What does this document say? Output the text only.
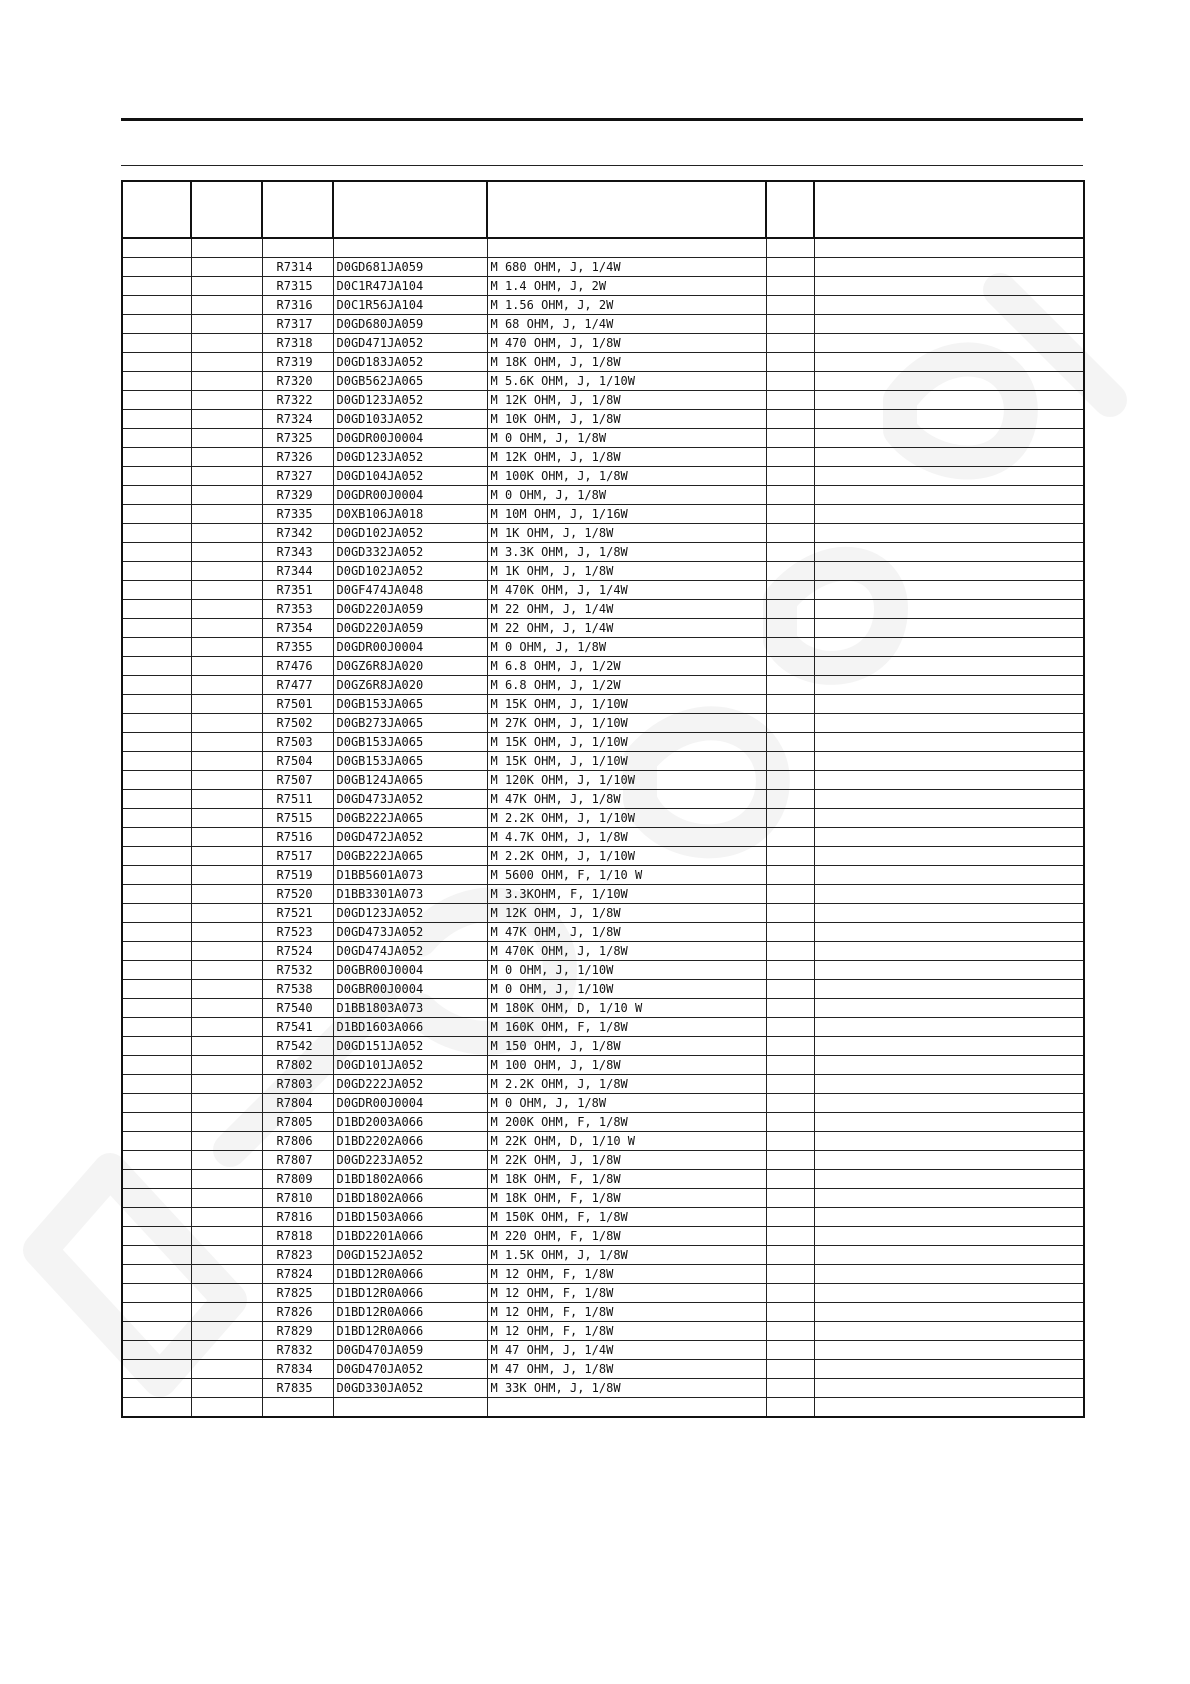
		R7314	D0GD681JA059	M 680 OHM, J, 1/4W		
		R7315	D0C1R47JA104	M 1.4 OHM, J, 2W		
		R7316	D0C1R56JA104	M 1.56 OHM, J, 2W		
		R7317	D0GD680JA059	M 68 OHM, J, 1/4W		
		R7318	D0GD471JA052	M 470 OHM, J, 1/8W		
		R7319	D0GD183JA052	M 18K OHM, J, 1/8W		
		R7320	D0GB562JA065	M 5.6K OHM, J, 1/10W		
		R7322	D0GD123JA052	M 12K OHM, J, 1/8W		
		R7324	D0GD103JA052	M 10K OHM, J, 1/8W		
		R7325	D0GDR00J0004	M 0 OHM, J, 1/8W		
		R7326	D0GD123JA052	M 12K OHM, J, 1/8W		
		R7327	D0GD104JA052	M 100K OHM, J, 1/8W		
		R7329	D0GDR00J0004	M 0 OHM, J, 1/8W		
		R7335	D0XB106JA018	M 10M OHM, J, 1/16W		
		R7342	D0GD102JA052	M 1K OHM, J, 1/8W		
		R7343	D0GD332JA052	M 3.3K OHM, J, 1/8W		
		R7344	D0GD102JA052	M 1K OHM, J, 1/8W		
		R7351	D0GF474JA048	M 470K OHM, J, 1/4W		
		R7353	D0GD220JA059	M 22 OHM, J, 1/4W		
		R7354	D0GD220JA059	M 22 OHM, J, 1/4W		
		R7355	D0GDR00J0004	M 0 OHM, J, 1/8W		
		R7476	D0GZ6R8JA020	M 6.8 OHM, J, 1/2W		
		R7477	D0GZ6R8JA020	M 6.8 OHM, J, 1/2W		
		R7501	D0GB153JA065	M 15K OHM, J, 1/10W		
		R7502	D0GB273JA065	M 27K OHM, J, 1/10W		
		R7503	D0GB153JA065	M 15K OHM, J, 1/10W		
		R7504	D0GB153JA065	M 15K OHM, J, 1/10W		
		R7507	D0GB124JA065	M 120K OHM, J, 1/10W		
		R7511	D0GD473JA052	M 47K OHM, J, 1/8W		
		R7515	D0GB222JA065	M 2.2K OHM, J, 1/10W		
		R7516	D0GD472JA052	M 4.7K OHM, J, 1/8W		
		R7517	D0GB222JA065	M 2.2K OHM, J, 1/10W		
		R7519	D1BB5601A073	M 5600 OHM, F, 1/10 W		
		R7520	D1BB3301A073	M 3.3KOHM, F, 1/10W		
		R7521	D0GD123JA052	M 12K OHM, J, 1/8W		
		R7523	D0GD473JA052	M 47K OHM, J, 1/8W		
		R7524	D0GD474JA052	M 470K OHM, J, 1/8W		
		R7532	D0GBR00J0004	M 0 OHM, J, 1/10W		
		R7538	D0GBR00J0004	M 0 OHM, J, 1/10W		
		R7540	D1BB1803A073	M 180K OHM, D, 1/10 W		
		R7541	D1BD1603A066	M 160K OHM, F, 1/8W		
		R7542	D0GD151JA052	M 150 OHM, J, 1/8W		
		R7802	D0GD101JA052	M 100 OHM, J, 1/8W		
		R7803	D0GD222JA052	M 2.2K OHM, J, 1/8W		
		R7804	D0GDR00J0004	M 0 OHM, J, 1/8W		
		R7805	D1BD2003A066	M 200K OHM, F, 1/8W		
		R7806	D1BD2202A066	M 22K OHM, D, 1/10 W		
		R7807	D0GD223JA052	M 22K OHM, J, 1/8W		
		R7809	D1BD1802A066	M 18K OHM, F, 1/8W		
		R7810	D1BD1802A066	M 18K OHM, F, 1/8W		
		R7816	D1BD1503A066	M 150K OHM, F, 1/8W		
		R7818	D1BD2201A066	M 220 OHM, F, 1/8W		
		R7823	D0GD152JA052	M 1.5K OHM, J, 1/8W		
		R7824	D1BD12R0A066	M 12 OHM, F, 1/8W		
		R7825	D1BD12R0A066	M 12 OHM, F, 1/8W		
		R7826	D1BD12R0A066	M 12 OHM, F, 1/8W		
		R7829	D1BD12R0A066	M 12 OHM, F, 1/8W		
		R7832	D0GD470JA059	M 47 OHM, J, 1/4W		
		R7834	D0GD470JA052	M 47 OHM, J, 1/8W		
		R7835	D0GD330JA052	M 33K OHM, J, 1/8W		
